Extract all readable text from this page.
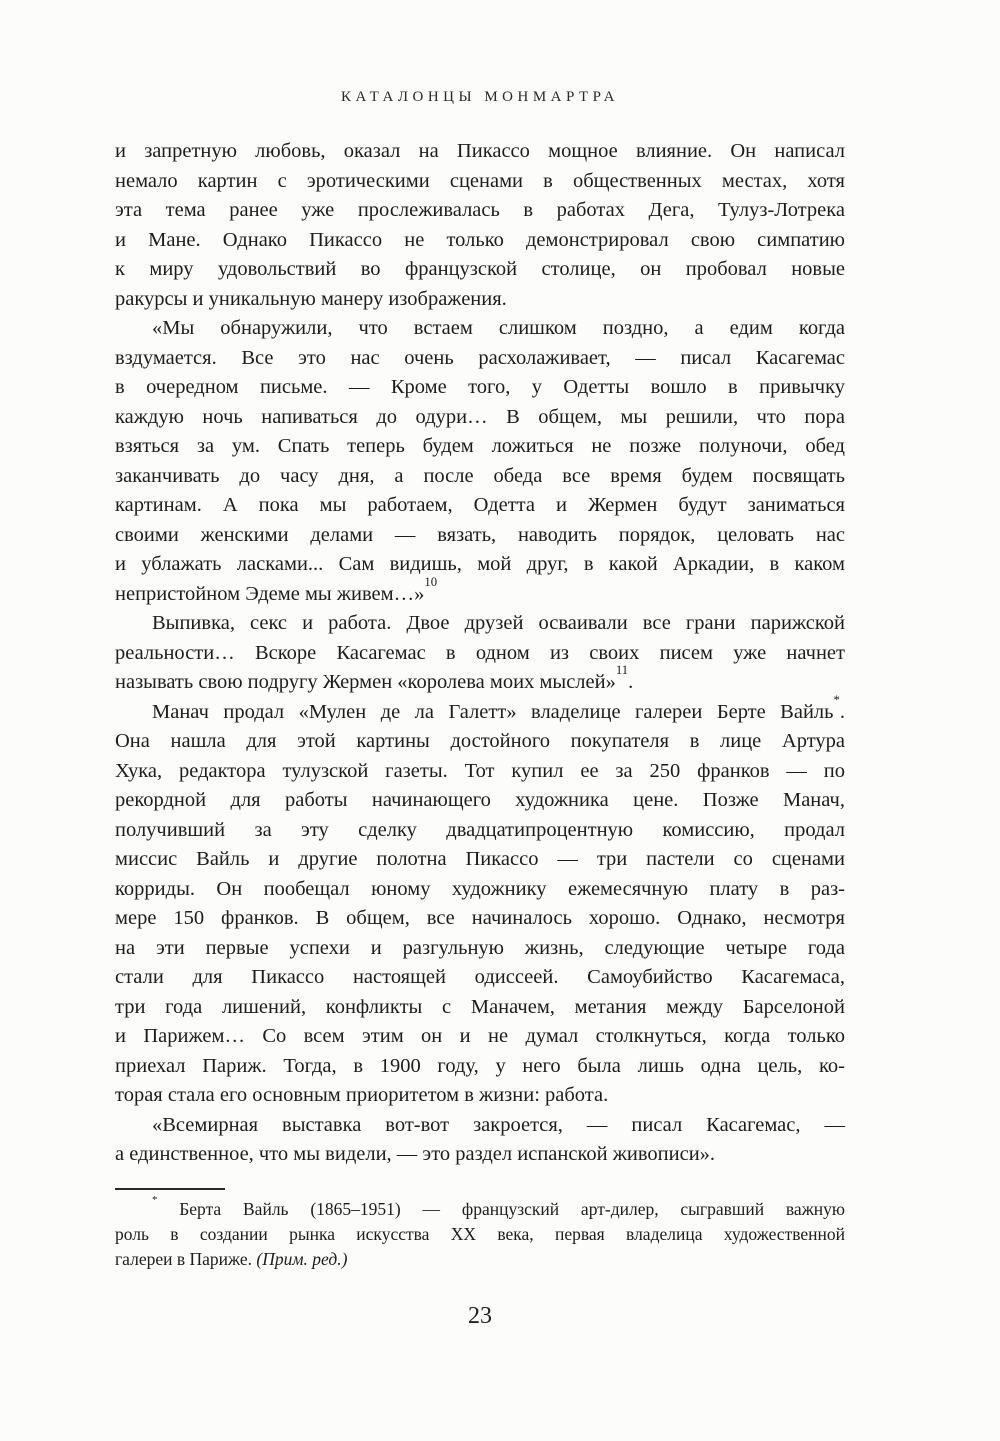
КАТАЛОНЦЫ МОНМАРТРА
и запретную любовь, оказал на Пикассо мощное влияние. Он написал
немало картин с эротическими сценами в общественных местах, хотя
эта тема ранее уже прослеживалась в работах Дега, Тулуз-Лотрека
и Мане. Однако Пикассо не только демонстрировал свою симпатию
к миру удовольствий во французской столице, он пробовал новые
ракурсы и уникальную манеру изображения.
«Мы обнаружили, что встаем слишком поздно, а едим когда
вздумается. Все это нас очень расхолаживает, — писал Касагемас
в очередном письме. — Кроме того, у Одетты вошло в привычку
каждую ночь напиваться до одури… В общем, мы решили, что пора
взяться за ум. Спать теперь будем ложиться не позже полуночи, обед
заканчивать до часу дня, а после обеда все время будем посвящать
картинам. А пока мы работаем, Одетта и Жермен будут заниматься
своими женскими делами — вязать, наводить порядок, целовать нас
и ублажать ласками... Сам видишь, мой друг, в какой Аркадии, в каком
непристойном Эдеме мы живем…»$^{10}$
Выпивка, секс и работа. Двое друзей осваивали все грани парижской
реальности… Вскоре Касагемас в одном из своих писем уже начнет
называть свою подругу Жермен «королева моих мыслей»$^{11}$.
Манач продал «Мулен де ла Галетт» владелице галереи Берте Вайль*.
Она нашла для этой картины достойного покупателя в лице Артура
Хука, редактора тулузской газеты. Тот купил ее за 250 франков — по
рекордной для работы начинающего художника цене. Позже Манач,
получивший за эту сделку двадцатипроцентную комиссию, продал
миссис Вайль и другие полотна Пикассо — три пастели со сценами
корриды. Он пообещал юному художнику ежемесячную плату в раз-
мере 150 франков. В общем, все начиналось хорошо. Однако, несмотря
на эти первые успехи и разгульную жизнь, следующие четыре года
стали для Пикассо настоящей одиссеей. Самоубийство Касагемаса,
три года лишений, конфликты с Маначем, метания между Барселоной
и Парижем… Со всем этим он и не думал столкнуться, когда только
приехал Париж. Тогда, в 1900 году, у него была лишь одна цель, ко-
торая стала его основным приоритетом в жизни: работа.
«Всемирная выставка вот-вот закроется, — писал Касагемас, —
а единственное, что мы видели, — это раздел испанской живописи».
* Берта Вайль (1865–1951) — французский арт-дилер, сыгравший важную
роль в создании рынка искусства XX века, первая владелица художественной
галереи в Париже. (Прим. ред.)
23
